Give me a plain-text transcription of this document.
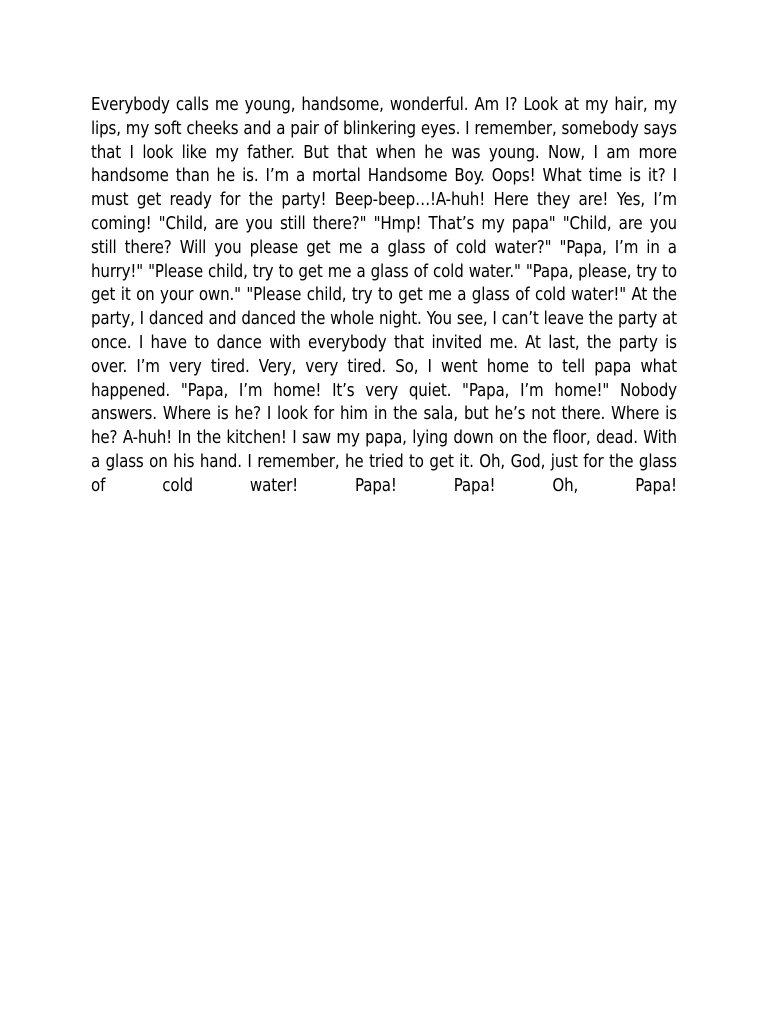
Everybody calls me young, handsome, wonderful. Am I? Look at my hair, my lips, my soft cheeks and a pair of blinkering eyes. I remember, somebody says that I look like my father. But that when he was young. Now, I am more handsome than he is. I’m a mortal Handsome Boy. Oops! What time is it? I must get ready for the party! Beep-beep…!A-huh! Here they are! Yes, I’m coming! "Child, are you still there?" "Hmp! That’s my papa" "Child, are you still there? Will you please get me a glass of cold water?" "Papa, I’m in a hurry!" "Please child, try to get me a glass of cold water." "Papa, please, try to get it on your own." "Please child, try to get me a glass of cold water!" At the party, I danced and danced the whole night. You see, I can’t leave the party at once. I have to dance with everybody that invited me. At last, the party is over. I’m very tired. Very, very tired. So, I went home to tell papa what happened. "Papa, I’m home! It’s very quiet. "Papa, I’m home!" Nobody answers. Where is he? I look for him in the sala, but he’s not there. Where is he? A-huh! In the kitchen! I saw my papa, lying down on the floor, dead. With a glass on his hand. I remember, he tried to get it. Oh, God, just for the glass of cold water! Papa! Papa! Oh, Papa!
